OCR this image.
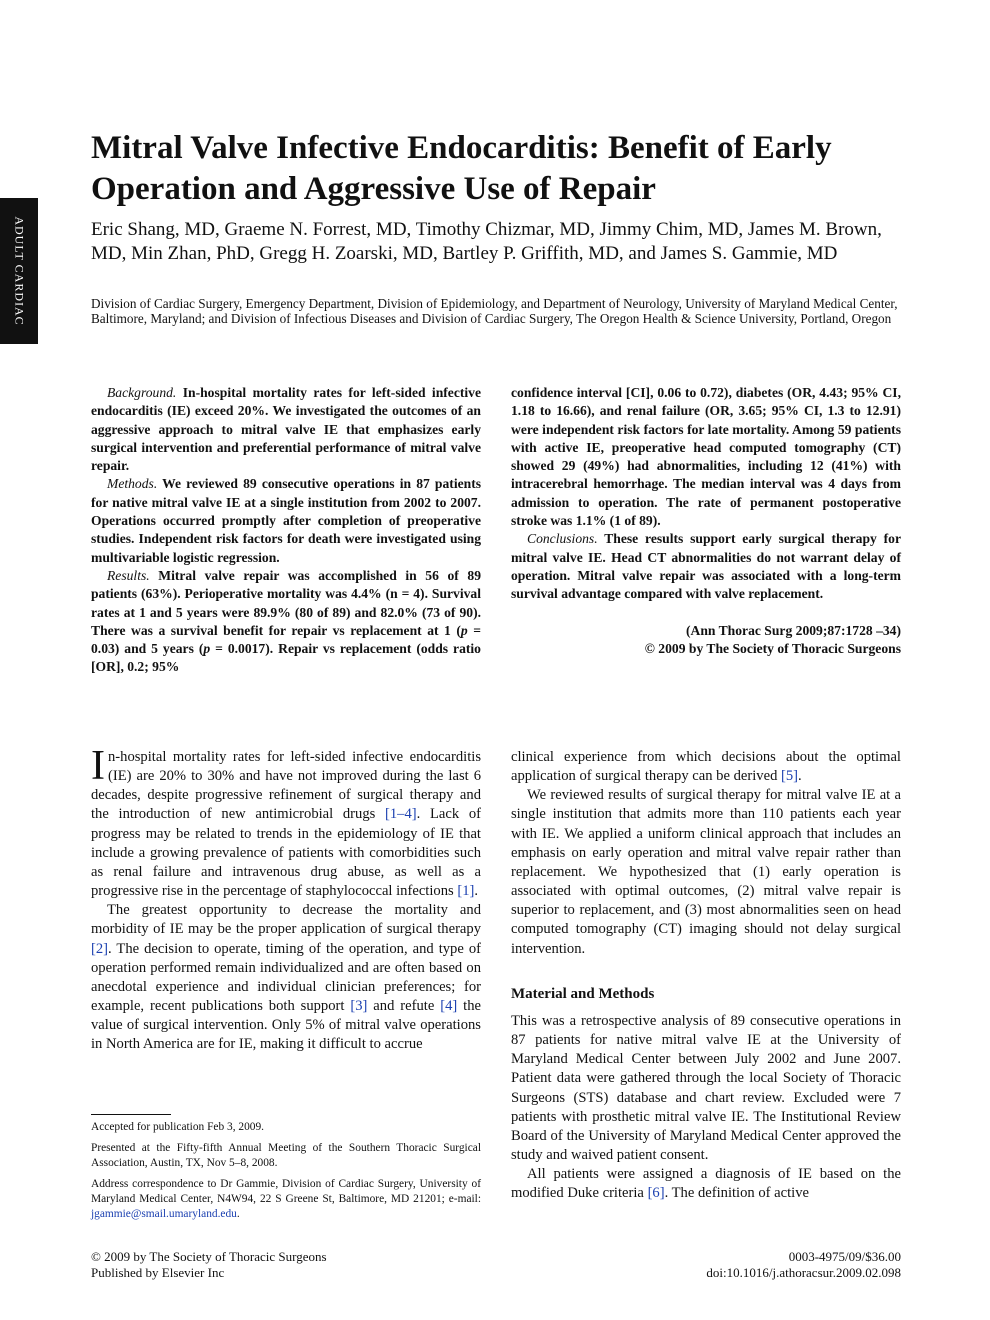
ADULT CARDIAC
Mitral Valve Infective Endocarditis: Benefit of Early Operation and Aggressive Use of Repair
Eric Shang, MD, Graeme N. Forrest, MD, Timothy Chizmar, MD, Jimmy Chim, MD, James M. Brown, MD, Min Zhan, PhD, Gregg H. Zoarski, MD, Bartley P. Griffith, MD, and James S. Gammie, MD
Division of Cardiac Surgery, Emergency Department, Division of Epidemiology, and Department of Neurology, University of Maryland Medical Center, Baltimore, Maryland; and Division of Infectious Diseases and Division of Cardiac Surgery, The Oregon Health & Science University, Portland, Oregon

Background. In-hospital mortality rates for left-sided infective endocarditis (IE) exceed 20%. We investigated the outcomes of an aggressive approach to mitral valve IE that emphasizes early surgical intervention and preferential performance of mitral valve repair.

Methods. We reviewed 89 consecutive operations in 87 patients for native mitral valve IE at a single institution from 2002 to 2007. Operations occurred promptly after completion of preoperative studies. Independent risk factors for death were investigated using multivariable logistic regression.

Results. Mitral valve repair was accomplished in 56 of 89 patients (63%). Perioperative mortality was 4.4% (n = 4). Survival rates at 1 and 5 years were 89.9% (80 of 89) and 82.0% (73 of 90). There was a survival benefit for repair vs replacement at 1 (p = 0.03) and 5 years (p = 0.0017). Repair vs replacement (odds ratio [OR], 0.2; 95%

confidence interval [CI], 0.06 to 0.72), diabetes (OR, 4.43; 95% CI, 1.18 to 16.66), and renal failure (OR, 3.65; 95% CI, 1.3 to 12.91) were independent risk factors for late mortality. Among 59 patients with active IE, preoperative head computed tomography (CT) showed 29 (49%) had abnormalities, including 12 (41%) with intracerebral hemorrhage. The median interval was 4 days from admission to operation. The rate of permanent postoperative stroke was 1.1% (1 of 89).

Conclusions. These results support early surgical therapy for mitral valve IE. Head CT abnormalities do not warrant delay of operation. Mitral valve repair was associated with a long-term survival advantage compared with valve replacement.

(Ann Thorac Surg 2009;87:1728 –34)

© 2009 by The Society of Thoracic Surgeons

In-hospital mortality rates for left-sided infective endocarditis (IE) are 20% to 30% and have not improved during the last 6 decades, despite progressive refinement of surgical therapy and the introduction of new antimicrobial drugs [1–4]. Lack of progress may be related to trends in the epidemiology of IE that include a growing prevalence of patients with comorbidities such as renal failure and intravenous drug abuse, as well as a progressive rise in the percentage of staphylococcal infections [1].

The greatest opportunity to decrease the mortality and morbidity of IE may be the proper application of surgical therapy [2]. The decision to operate, timing of the operation, and type of operation performed remain individualized and are often based on anecdotal experience and individual clinician preferences; for example, recent publications both support [3] and refute [4] the value of surgical intervention. Only 5% of mitral valve operations in North America are for IE, making it difficult to accrue

clinical experience from which decisions about the optimal application of surgical therapy can be derived [5].

We reviewed results of surgical therapy for mitral valve IE at a single institution that admits more than 110 patients each year with IE. We applied a uniform clinical approach that includes an emphasis on early operation and mitral valve repair rather than replacement. We hypothesized that (1) early operation is associated with optimal outcomes, (2) mitral valve repair is superior to replacement, and (3) most abnormalities seen on head computed tomography (CT) imaging should not delay surgical intervention.

Material and Methods

This was a retrospective analysis of 89 consecutive operations in 87 patients for native mitral valve IE at the University of Maryland Medical Center between July 2002 and June 2007. Patient data were gathered through the local Society of Thoracic Surgeons (STS) database and chart review. Excluded were 7 patients with prosthetic mitral valve IE. The Institutional Review Board of the University of Maryland Medical Center approved the study and waived patient consent.

All patients were assigned a diagnosis of IE based on the modified Duke criteria [6]. The definition of active

Accepted for publication Feb 3, 2009.

Presented at the Fifty-fifth Annual Meeting of the Southern Thoracic Surgical Association, Austin, TX, Nov 5–8, 2008.

Address correspondence to Dr Gammie, Division of Cardiac Surgery, University of Maryland Medical Center, N4W94, 22 S Greene St, Baltimore, MD 21201; e-mail: jgammie@smail.umaryland.edu.

© 2009 by The Society of Thoracic Surgeons
Published by Elsevier Inc
0003-4975/09/$36.00
doi:10.1016/j.athoracsur.2009.02.098
